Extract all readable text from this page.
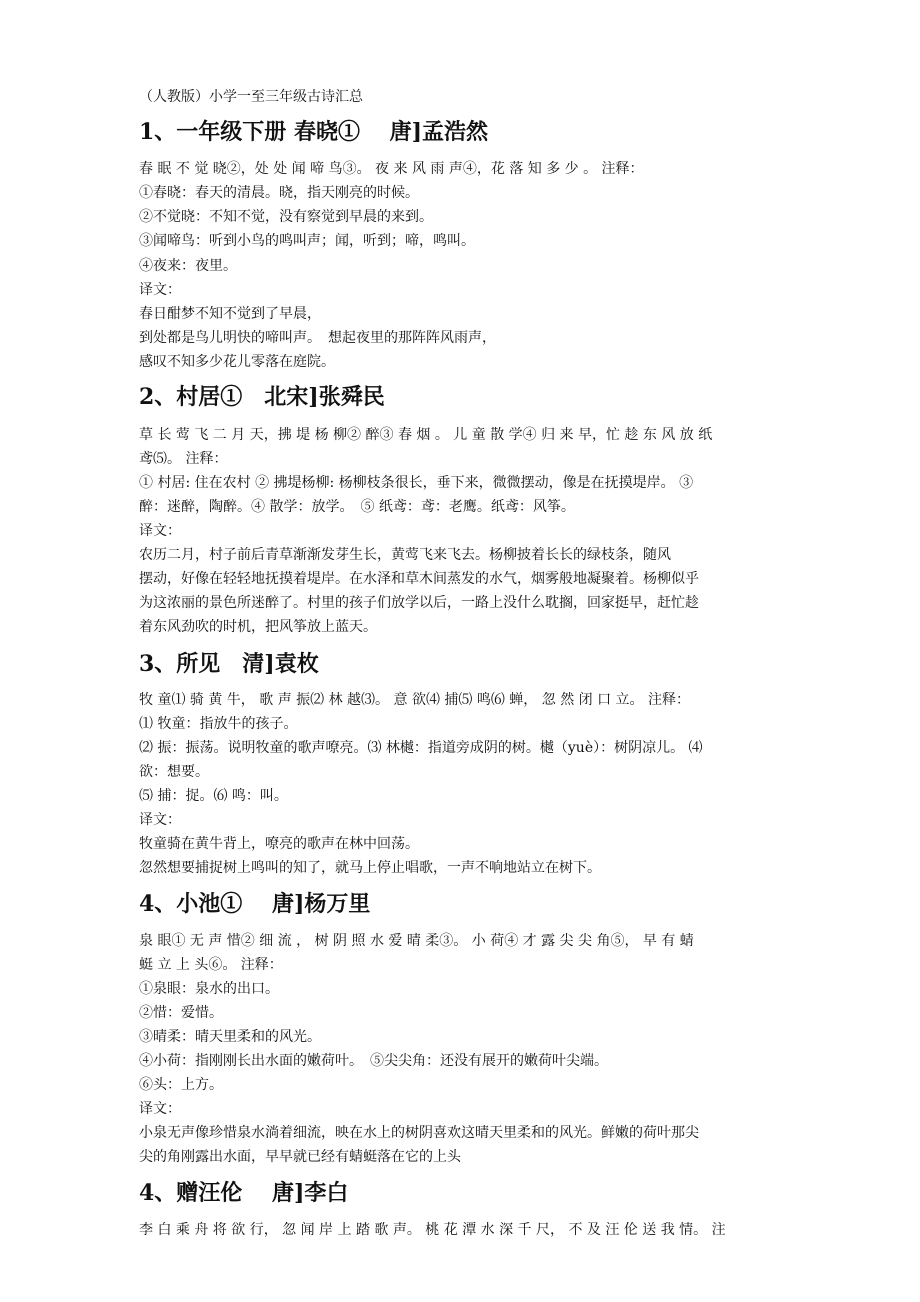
（人教版）小学一至三年级古诗汇总
1、一年级下册 春晓①　 唐]孟浩然
春 眠 不 觉 晓②，处 处 闻 啼 鸟③。 夜 来 风 雨 声④，花 落 知 多 少 。 注释：
①春晓：春天的清晨。晓，指天刚亮的时候。
②不觉晓：不知不觉，没有察觉到早晨的来到。
③闻啼鸟：听到小鸟的鸣叫声；闻，听到；啼，鸣叫。
④夜来：夜里。
译文：
春日酣梦不知不觉到了早晨，
到处都是鸟儿明快的啼叫声。　想起夜里的那阵阵风雨声，
感叹不知多少花儿零落在庭院。
2、村居①　北宋]张舜民
草 长 莺 飞 二 月 天，拂 堤 杨 柳② 醉③ 春 烟 。 儿 童 散 学④ 归 来 早，忙 趁 东 风 放 纸
鸢⑸。 注释：
① 村居: 住在农村 ② 拂堤杨柳: 杨柳枝条很长，垂下来，微微摆动，像是在抚摸堤岸。 ③
醉：迷醉，陶醉。④ 散学：放学。　⑤ 纸鸢：鸢：老鹰。纸鸢：风筝。
译文：
农历二月，村子前后青草渐渐发芽生长，黄莺飞来飞去。杨柳披着长长的绿枝条，随风
摆动，好像在轻轻地抚摸着堤岸。在水泽和草木间蒸发的水气，烟雾般地凝聚着。杨柳似乎
为这浓丽的景色所迷醉了。村里的孩子们放学以后，一路上没什么耽搁，回家挺早，赶忙趁
着东风劲吹的时机，把风筝放上蓝天。
3、所见　清]袁枚
牧 童⑴ 骑 黄 牛， 歌 声 振⑵ 林 越⑶。 意 欲⑷ 捕⑸ 鸣⑹ 蝉， 忽 然 闭 口 立。 注释：
⑴ 牧童：指放牛的孩子。
⑵ 振：振荡。说明牧童的歌声嘹亮。⑶ 林樾：指道旁成阴的树。樾（yuè）：树阴凉儿。 ⑷
欲：想要。
⑸ 捕：捉。⑹ 鸣：叫。
译文：
牧童骑在黄牛背上，嘹亮的歌声在林中回荡。
忽然想要捕捉树上鸣叫的知了，就马上停止唱歌，一声不响地站立在树下。
4、小池①　 唐]杨万里
泉 眼① 无 声 惜② 细 流 ， 树 阴 照 水 爱 晴 柔③。 小 荷④ 才 露 尖 尖 角⑤， 早 有 蜻
蜓 立 上 头⑥。 注释：
①泉眼：泉水的出口。
②惜：爱惜。
③晴柔：晴天里柔和的风光。
④小荷：指刚刚长出水面的嫩荷叶。　⑤尖尖角：还没有展开的嫩荷叶尖端。
⑥头：上方。
译文：
小泉无声像珍惜泉水淌着细流，映在水上的树阴喜欢这晴天里柔和的风光。鲜嫩的荷叶那尖
尖的角刚露出水面，早早就已经有蜻蜓落在它的上头
4、赠汪伦　 唐]李白
李 白 乘 舟 将 欲 行， 忽 闻 岸 上 踏 歌 声。 桃 花 潭 水 深 千 尺， 不 及 汪 伦 送 我 情。 注
